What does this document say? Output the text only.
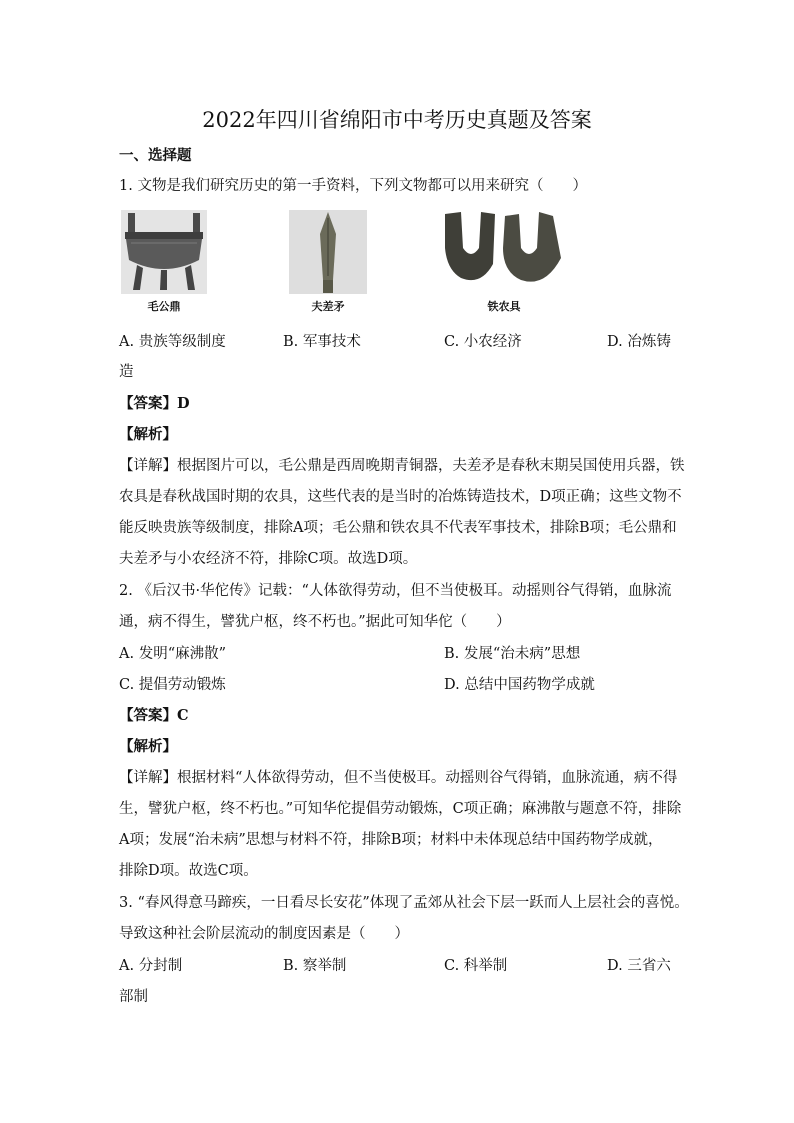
2022年四川省绵阳市中考历史真题及答案
一、选择题
1. 文物是我们研究历史的第一手资料，下列文物都可以用来研究（　　）
毛公鼎	夫差矛	铁农具
A. 贵族等级制度	B. 军事技术	C. 小农经济	D. 冶炼铸
造
【答案】D
【解析】
【详解】根据图片可以，毛公鼎是西周晚期青铜器，夫差矛是春秋末期吴国使用兵器，铁
农具是春秋战国时期的农具，这些代表的是当时的冶炼铸造技术，D项正确；这些文物不
能反映贵族等级制度，排除A项；毛公鼎和铁农具不代表军事技术，排除B项；毛公鼎和
夫差矛与小农经济不符，排除C项。故选D项。
2. 《后汉书·华佗传》记载：“人体欲得劳动，但不当使极耳。动摇则谷气得销，血脉流
通，病不得生，譬犹户枢，终不朽也。”据此可知华佗（　　）
A. 发明“麻沸散”	B. 发展“治未病”思想
C. 提倡劳动锻炼	D. 总结中国药物学成就
【答案】C
【解析】
【详解】根据材料“人体欲得劳动，但不当使极耳。动摇则谷气得销，血脉流通，病不得
生，譬犹户枢，终不朽也。”可知华佗提倡劳动锻炼，C项正确；麻沸散与题意不符，排除
A项；发展“治未病”思想与材料不符，排除B项；材料中未体现总结中国药物学成就，
排除D项。故选C项。
3. “春风得意马蹄疾，一日看尽长安花”体现了孟郊从社会下层一跃而人上层社会的喜悦。
导致这种社会阶层流动的制度因素是（　　）
A. 分封制	B. 察举制	C. 科举制	D. 三省六
部制
